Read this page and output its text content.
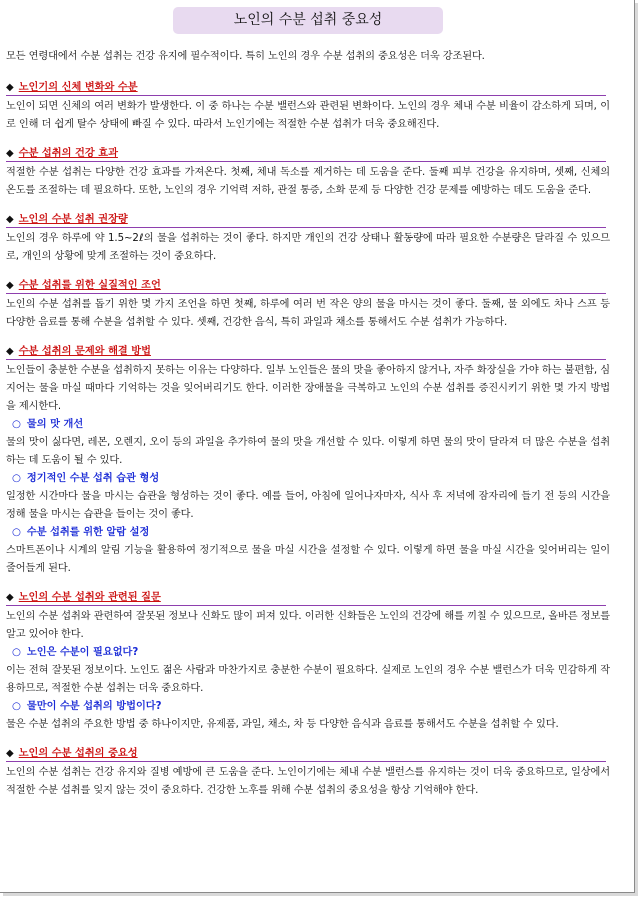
노인의 수분 섭취 중요성

모든 연령대에서 수분 섭취는 건강 유지에 필수적이다. 특히 노인의 경우 수분 섭취의 중요성은 더욱 강조된다.

◆ 노인기의 신체 변화와 수분

노인이 되면 신체의 여러 변화가 발생한다. 이 중 하나는 수분 밸런스와 관련된 변화이다. 노인의 경우 체내 수분 비율이 감소하게 되며, 이로 인해 더 쉽게 탈수 상태에 빠질 수 있다. 따라서 노인기에는 적절한 수분 섭취가 더욱 중요해진다.

◆ 수분 섭취의 건강 효과

적절한 수분 섭취는 다양한 건강 효과를 가져온다. 첫째, 체내 독소를 제거하는 데 도움을 준다. 둘째 피부 건강을 유지하며, 셋째, 신체의 온도를 조절하는 데 필요하다. 또한, 노인의 경우 기억력 저하, 관절 통증, 소화 문제 등 다양한 건강 문제를 예방하는 데도 도움을 준다.

◆ 노인의 수분 섭취 권장량

노인의 경우 하루에 약 1.5~2ℓ의 물을 섭취하는 것이 좋다. 하지만 개인의 건강 상태나 활동량에 따라 필요한 수분량은 달라질 수 있으므로, 개인의 상황에 맞게 조절하는 것이 중요하다.

◆ 수분 섭취를 위한 실질적인 조언

노인의 수분 섭취를 돕기 위한 몇 가지 조언을 하면 첫째, 하루에 여러 번 작은 양의 물을 마시는 것이 좋다. 둘째, 물 외에도 차나 스프 등 다양한 음료를 통해 수분을 섭취할 수 있다. 셋째, 건강한 음식, 특히 과일과 채소를 통해서도 수분 섭취가 가능하다.

◆ 수분 섭취의 문제와 해결 방법

노인들이 충분한 수분을 섭취하지 못하는 이유는 다양하다. 일부 노인들은 물의 맛을 좋아하지 않거나, 자주 화장실을 가야 하는 불편함, 심지어는 물을 마실 때마다 기억하는 것을 잊어버리기도 한다. 이러한 장애물을 극복하고 노인의 수분 섭취를 증진시키기 위한 몇 가지 방법을 제시한다.

○ 물의 맛 개선

물의 맛이 싫다면, 레몬, 오렌지, 오이 등의 과일을 추가하여 물의 맛을 개선할 수 있다. 이렇게 하면 물의 맛이 달라져 더 많은 수분을 섭취하는 데 도움이 될 수 있다.

○ 정기적인 수분 섭취 습관 형성

일정한 시간마다 물을 마시는 습관을 형성하는 것이 좋다. 예를 들어, 아침에 일어나자마자, 식사 후 저녁에 잠자리에 들기 전 등의 시간을 정해 물을 마시는 습관을 들이는 것이 좋다.

○ 수분 섭취를 위한 알람 설정

스마트폰이나 시계의 알림 기능을 활용하여 정기적으로 물을 마실 시간을 설정할 수 있다. 이렇게 하면 물을 마실 시간을 잊어버리는 일이 줄어들게 된다.

◆ 노인의 수분 섭취와 관련된 질문

노인의 수분 섭취와 관련하여 잘못된 정보나 신화도 많이 퍼져 있다. 이러한 신화들은 노인의 건강에 해를 끼칠 수 있으므로, 올바른 정보를 알고 있어야 한다.

○ 노인은 수분이 필요없다?

이는 전혀 잘못된 정보이다. 노인도 젊은 사람과 마찬가지로 충분한 수분이 필요하다. 실제로 노인의 경우 수분 밸런스가 더욱 민감하게 작용하므로, 적절한 수분 섭취는 더욱 중요하다.

○ 물만이 수분 섭취의 방법이다?

물은 수분 섭취의 주요한 방법 중 하나이지만, 유제품, 과일, 채소, 차 등 다양한 음식과 음료를 통해서도 수분을 섭취할 수 있다.

◆ 노인의 수분 섭취의 중요성

노인의 수분 섭취는 건강 유지와 질병 예방에 큰 도움을 준다. 노인이기에는 체내 수분 밸런스를 유지하는 것이 더욱 중요하므로, 일상에서 적절한 수분 섭취를 잊지 않는 것이 중요하다. 건강한 노후를 위해 수분 섭취의 중요성을 항상 기억해야 한다.
